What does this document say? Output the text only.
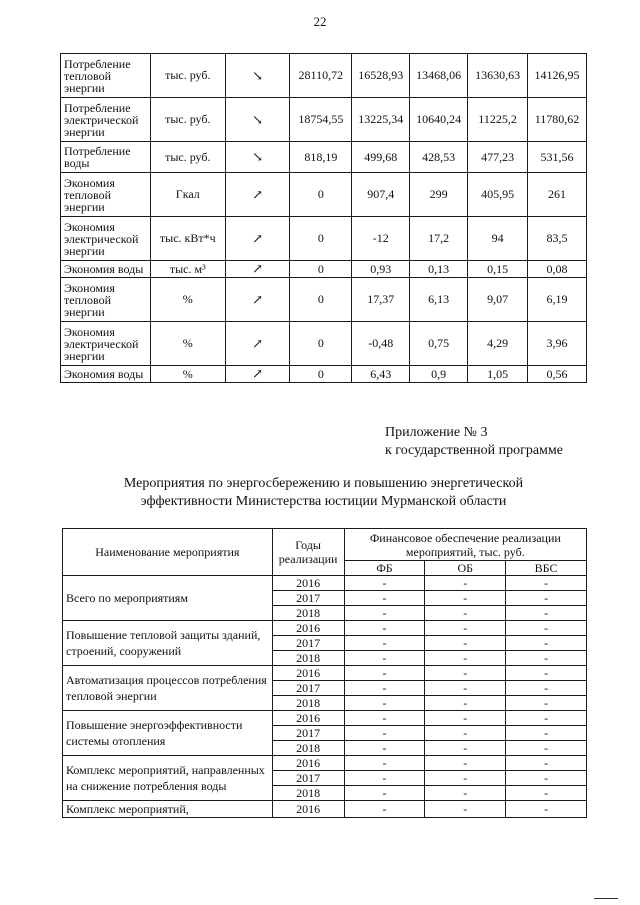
22
Потребление тепловой энергии	тыс. руб.	↘	28110,72	16528,93	13468,06	13630,63	14126,95
Потребление электрической энергии	тыс. руб.	↘	18754,55	13225,34	10640,24	11225,2	11780,62
Потребление воды	тыс. руб.	↘	818,19	499,68	428,53	477,23	531,56
Экономия тепловой энергии	Гкал	↗	0	907,4	299	405,95	261
Экономия электрической энергии	тыс. кВт*ч	↗	0	-12	17,2	94	83,5
Экономия воды	тыс. м³	↗	0	0,93	0,13	0,15	0,08
Экономия тепловой энергии	%	↗	0	17,37	6,13	9,07	6,19
Экономия электрической энергии	%	↗	0	-0,48	0,75	4,29	3,96
Экономия воды	%	↗	0	6,43	0,9	1,05	0,56
Приложение № 3
к государственной программе
Мероприятия по энергосбережению и повышению энергетической
эффективности Министерства юстиции Мурманской области
Наименование мероприятия	Годы реализации	Финансовое обеспечение реализации мероприятий, тыс. руб.		
		ФБ	ОБ	ВБС
Всего по мероприятиям	2016	-	-	-
	2017	-	-	-
	2018	-	-	-
Повышение тепловой защиты зданий, строений, сооружений	2016	-	-	-
	2017	-	-	-
	2018	-	-	-
Автоматизация процессов потребления тепловой энергии	2016	-	-	-
	2017	-	-	-
	2018	-	-	-
Повышение энергоэффективности системы отопления	2016	-	-	-
	2017	-	-	-
	2018	-	-	-
Комплекс мероприятий, направленных на снижение потребления воды	2016	-	-	-
	2017	-	-	-
	2018	-	-	-
Комплекс мероприятий,	2016	-	-	-
